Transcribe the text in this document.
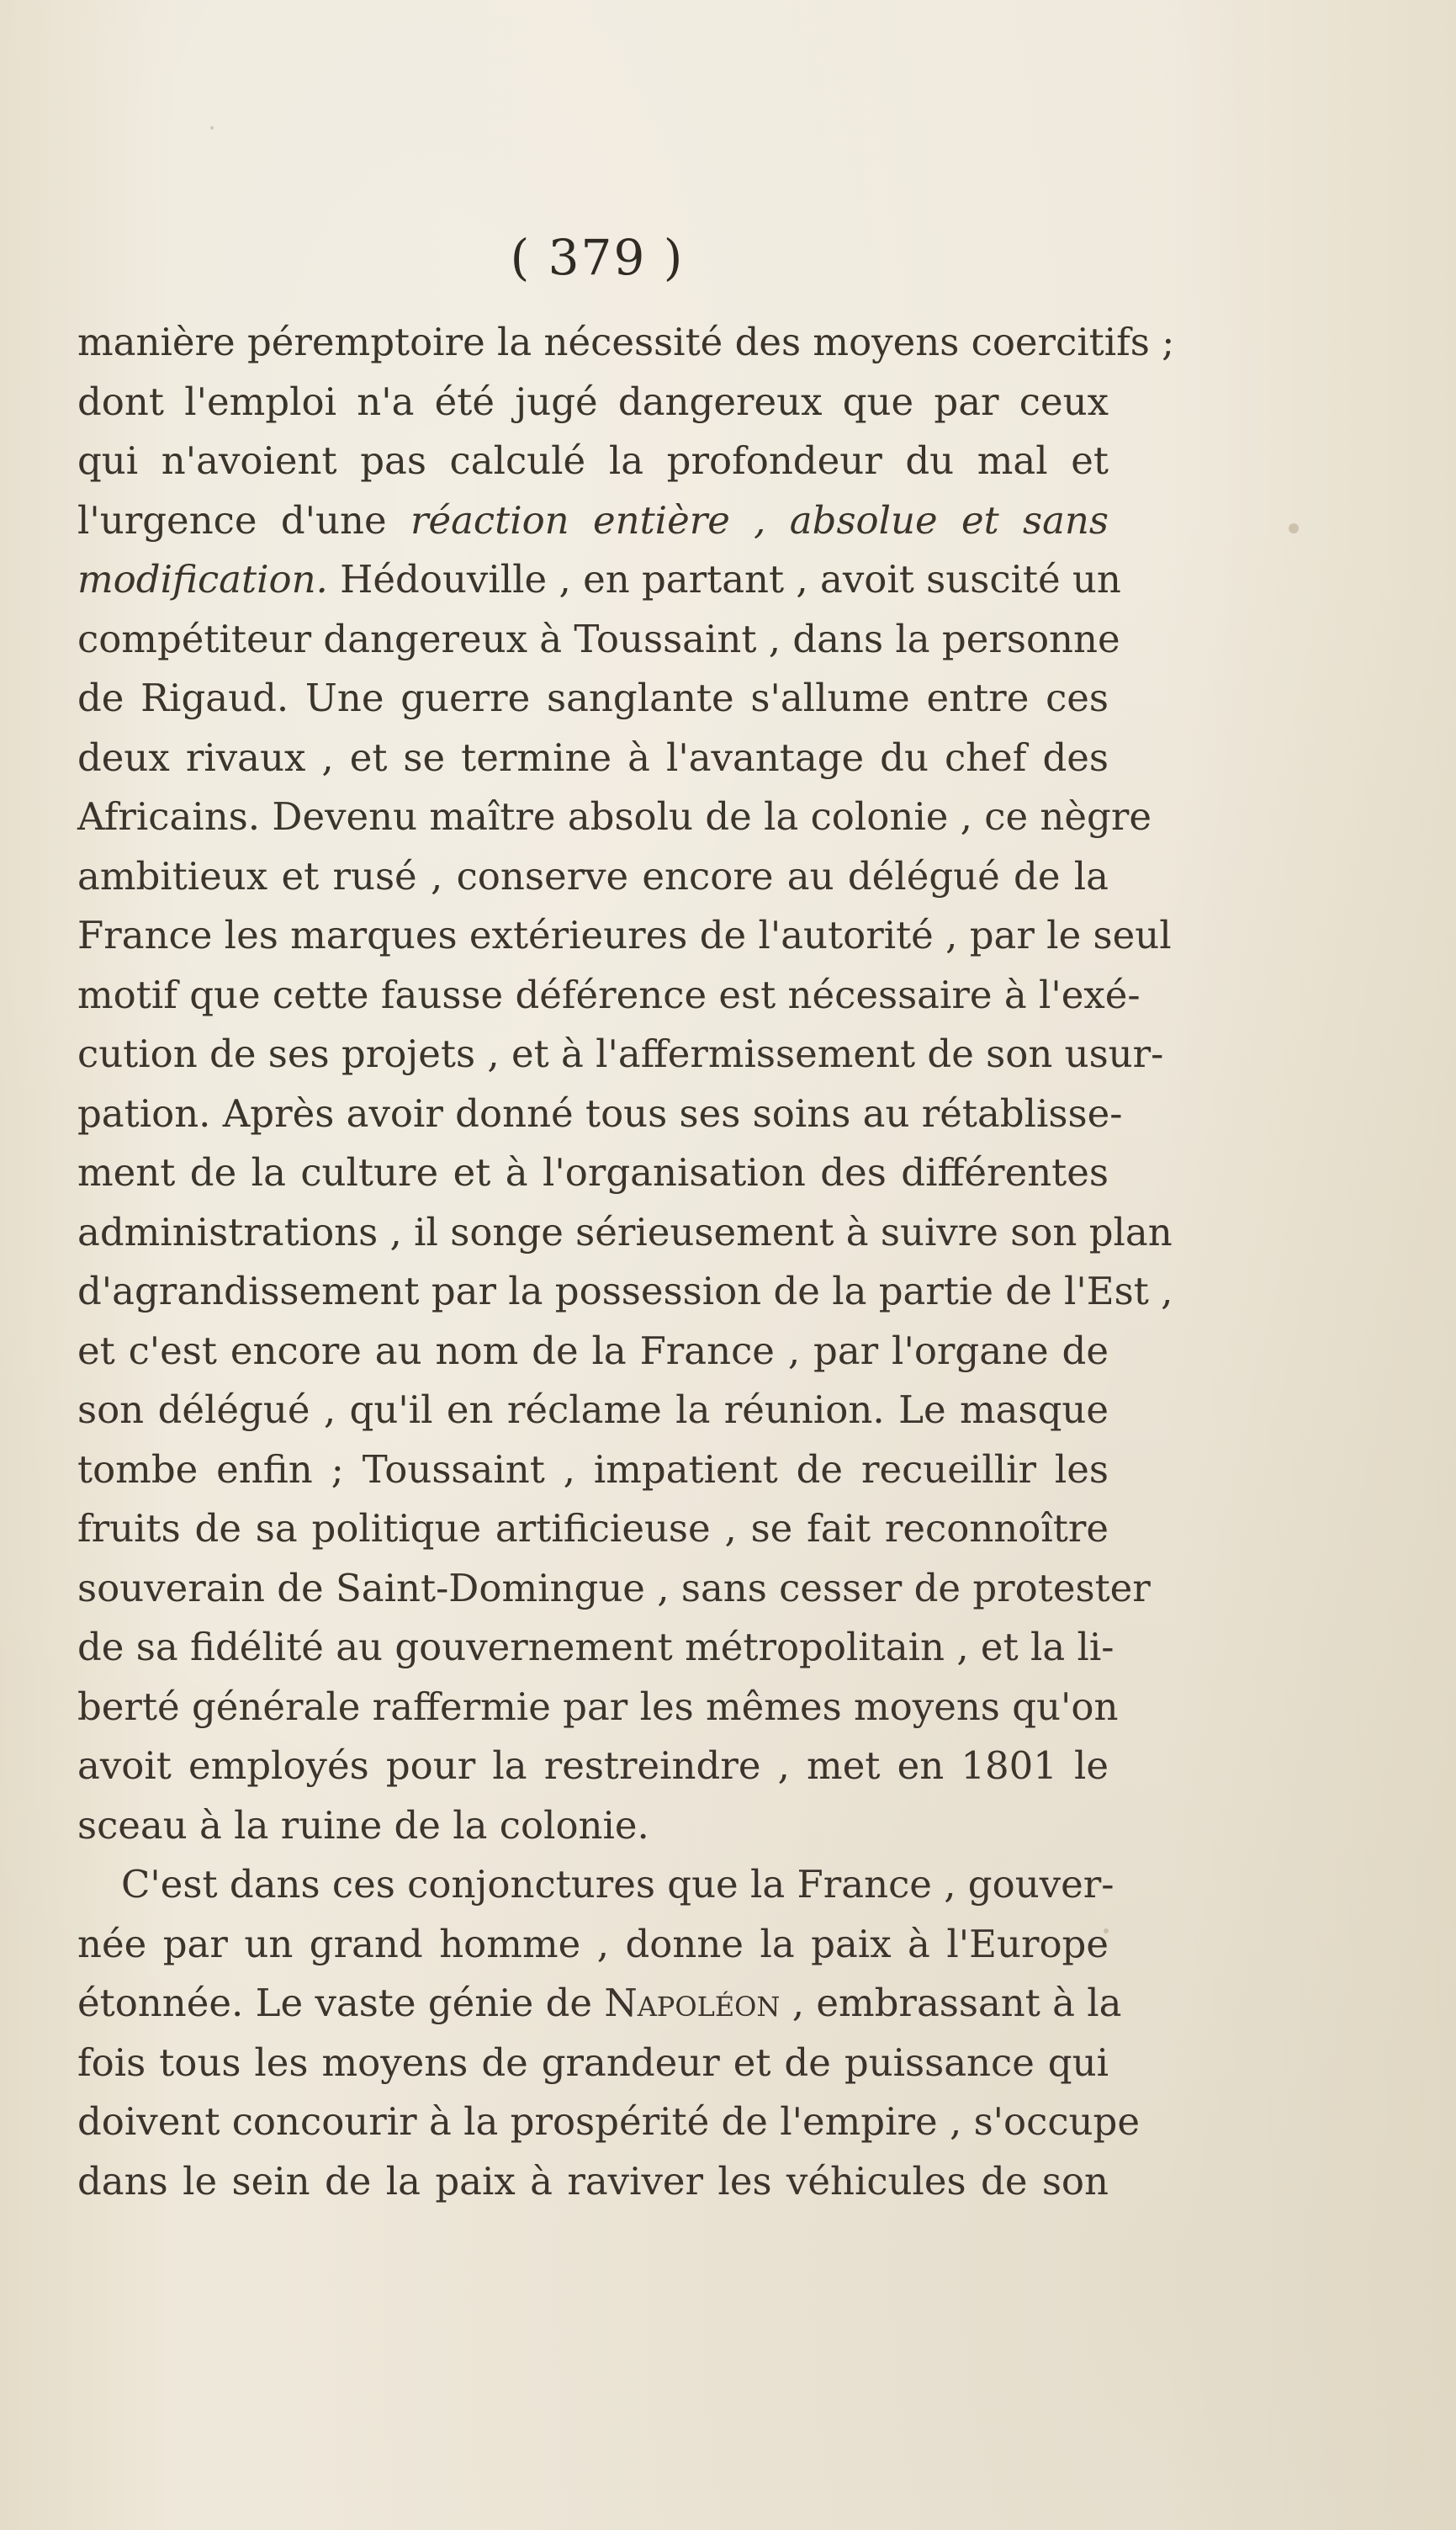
( 379 )
manière péremptoire la nécessité des moyens coercitifs ;
dont l'emploi n'a été jugé dangereux que par ceux
qui n'avoient pas calculé la profondeur du mal et
l'urgence d'une réaction entière , absolue et sans
modification. Hédouville , en partant , avoit suscité un
compétiteur dangereux à Toussaint , dans la personne
de Rigaud. Une guerre sanglante s'allume entre ces
deux rivaux , et se termine à l'avantage du chef des
Africains. Devenu maître absolu de la colonie , ce nègre
ambitieux et rusé , conserve encore au délégué de la
France les marques extérieures de l'autorité , par le seul
motif que cette fausse déférence est nécessaire à l'exé-
cution de ses projets , et à l'affermissement de son usur-
pation. Après avoir donné tous ses soins au rétablisse-
ment de la culture et à l'organisation des différentes
administrations , il songe sérieusement à suivre son plan
d'agrandissement par la possession de la partie de l'Est ,
et c'est encore au nom de la France , par l'organe de
son délégué , qu'il en réclame la réunion. Le masque
tombe enfin ; Toussaint , impatient de recueillir les
fruits de sa politique artificieuse , se fait reconnoître
souverain de Saint-Domingue , sans cesser de protester
de sa fidélité au gouvernement métropolitain , et la li-
berté générale raffermie par les mêmes moyens qu'on
avoit employés pour la restreindre , met en 1801 le
sceau à la ruine de la colonie.
C'est dans ces conjonctures que la France , gouver-
née par un grand homme , donne la paix à l'Europe
étonnée. Le vaste génie de Napoléon , embrassant à la
fois tous les moyens de grandeur et de puissance qui
doivent concourir à la prospérité de l'empire , s'occupe
dans le sein de la paix à raviver les véhicules de son
